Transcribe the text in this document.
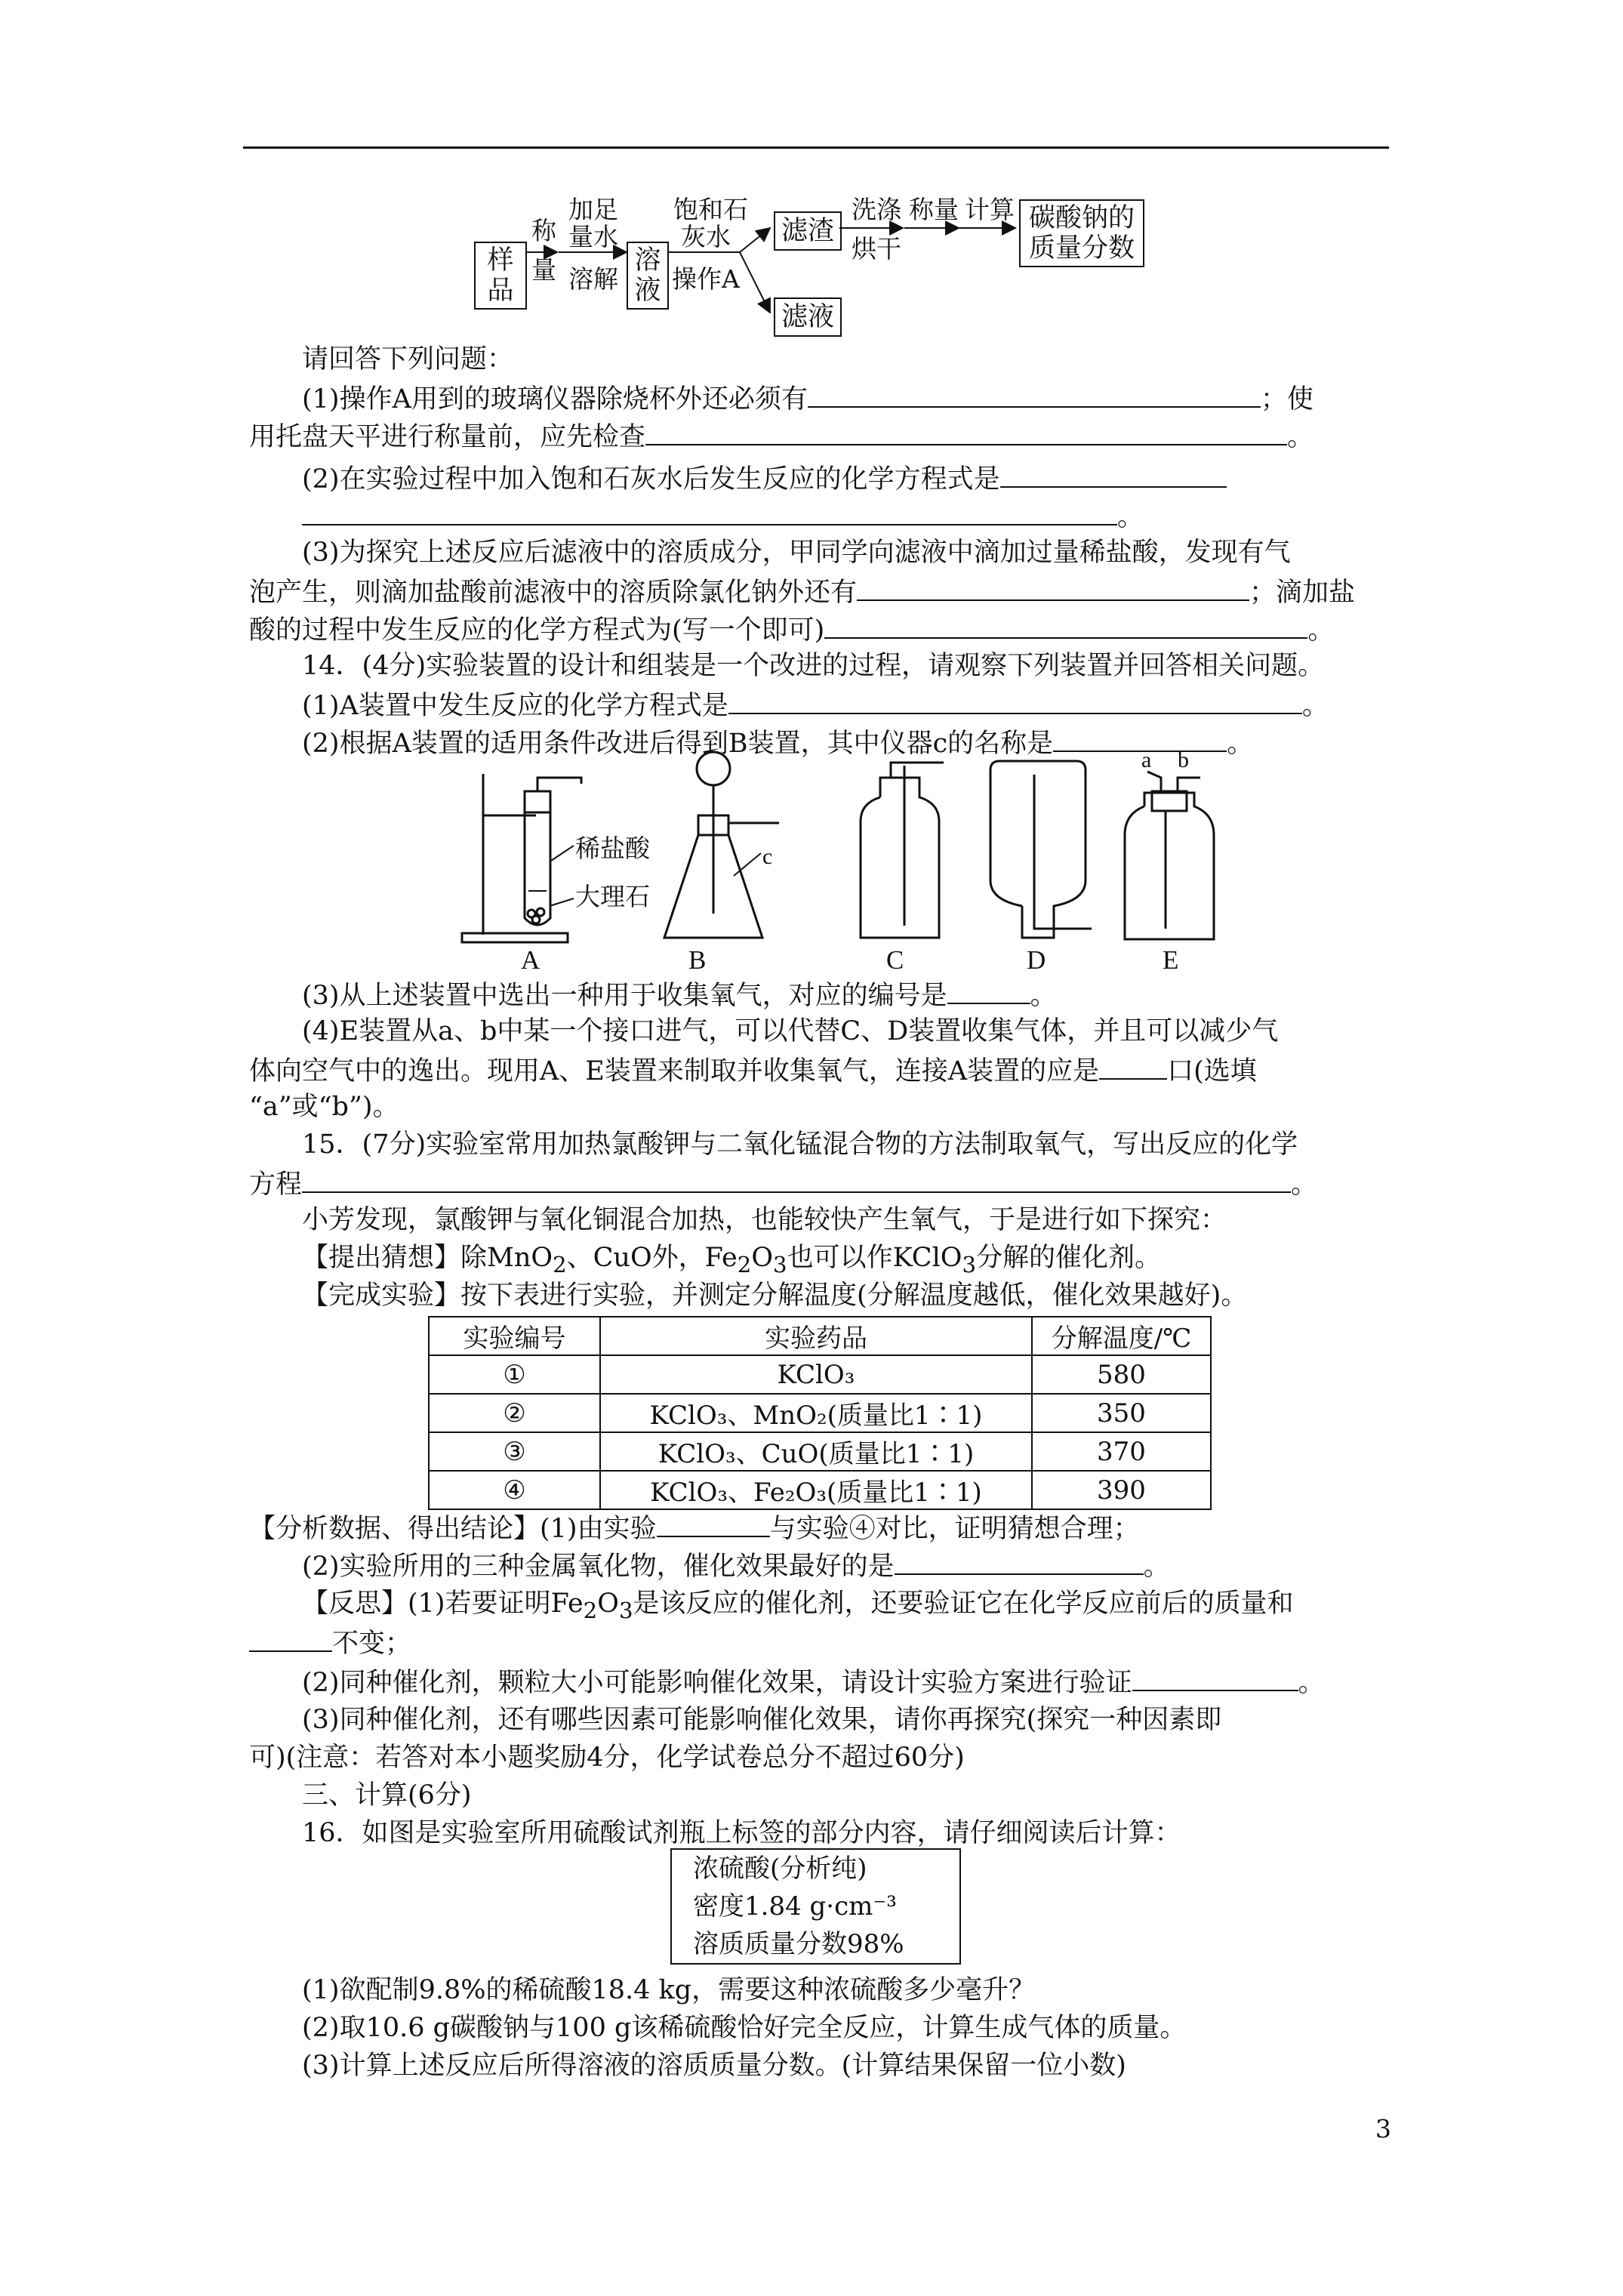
样
品
称
量
加足
量水
溶解
溶
液
饱和石
灰水
操作A
滤渣
滤液
洗涤
烘干
称量 计算 碳酸钠的
质量分数
请回答下列问题：
(1)操作A用到的玻璃仪器除烧杯外还必须有	；使
用托盘天平进行称量前，应先检查	。
(2)在实验过程中加入饱和石灰水后发生反应的化学方程式是
。
(3)为探究上述反应后滤液中的溶质成分，甲同学向滤液中滴加过量稀盐酸，发现有气
泡产生，则滴加盐酸前滤液中的溶质除氯化钠外还有	；滴加盐
酸的过程中发生反应的化学方程式为(写一个即可)	。
14．(4分)实验装置的设计和组装是一个改进的过程，请观察下列装置并回答相关问题。
(1)A装置中发生反应的化学方程式是	。
(2)根据A装置的适用条件改进后得到B装置，其中仪器c的名称是	。
稀盐酸
大理石
c
a b
A	B	C	D	E
(3)从上述装置中选出一种用于收集氧气，对应的编号是	。
(4)E装置从a、b中某一个接口进气，可以代替C、D装置收集气体，并且可以减少气
体向空气中的逸出。现用A、E装置来制取并收集氧气，连接A装置的应是	口(选填
“a”或“b”)。
15．(7分)实验室常用加热氯酸钾与二氧化锰混合物的方法制取氧气，写出反应的化学
方程	。
小芳发现，氯酸钾与氧化铜混合加热，也能较快产生氧气，于是进行如下探究：
【提出猜想】除MnO$_2$、CuO外，$Fe_2O_3$也可以作KClO$_3$分解的催化剂。
【完成实验】按下表进行实验，并测定分解温度(分解温度越低，催化效果越好)。
实验编号	实验药品	分解温度/℃
①	KClO₃	580
②	KClO₃、MnO₂(质量比1∶1)	350
③	KClO₃、CuO(质量比1∶1)	370
④	KClO₃、Fe₂O₃(质量比1∶1)	390
【分析数据、得出结论】(1)由实验	与实验④对比，证明猜想合理；
(2)实验所用的三种金属氧化物，催化效果最好的是	。
【反思】(1)若要证明$Fe_2O_3$是该反应的催化剂，还要验证它在化学反应前后的质量和
不变；
(2)同种催化剂，颗粒大小可能影响催化效果，请设计实验方案进行验证	。
(3)同种催化剂，还有哪些因素可能影响催化效果，请你再探究(探究一种因素即
可)(注意：若答对本小题奖励4分，化学试卷总分不超过60分)
三、计算(6分)
16．如图是实验室所用硫酸试剂瓶上标签的部分内容，请仔细阅读后计算：
浓硫酸(分析纯)
密度1.84 g·cm⁻³
溶质质量分数98%
(1)欲配制9.8%的稀硫酸18.4 kg，需要这种浓硫酸多少毫升？
(2)取10.6 g碳酸钠与100 g该稀硫酸恰好完全反应，计算生成气体的质量。
(3)计算上述反应后所得溶液的溶质质量分数。(计算结果保留一位小数)
3
